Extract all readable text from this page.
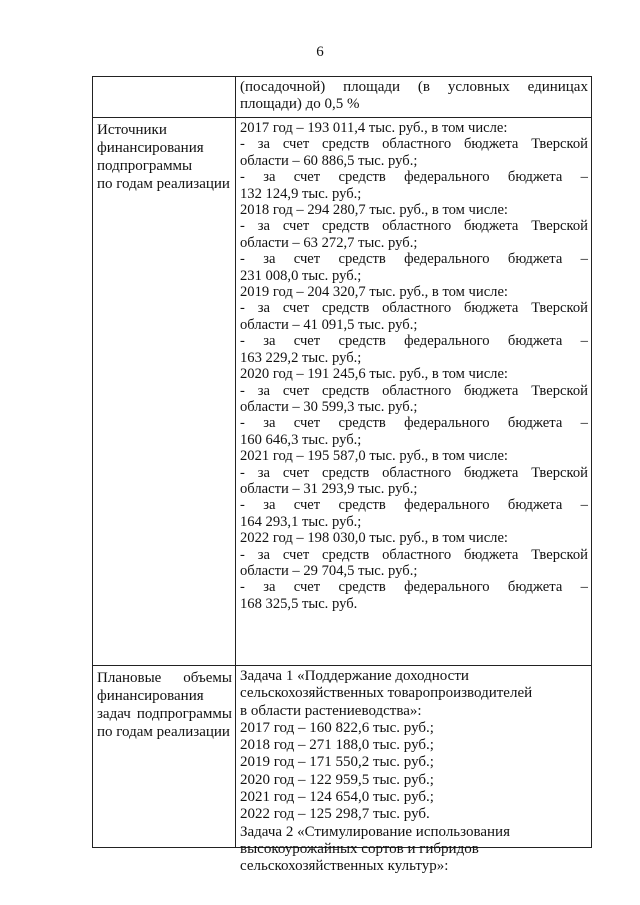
6
(посадочной) площади (в условных единицах
площади) до 0,5 %
Источники
финансирования
подпрограммы
по годам реализации
2017 год – 193 011,4 тыс. руб., в том числе:
- за счет средств областного бюджета Тверской
области – 60 886,5 тыс. руб.;
- за счет средств федерального бюджета –
132 124,9 тыс. руб.;
2018 год – 294 280,7 тыс. руб., в том числе:
- за счет средств областного бюджета Тверской
области – 63 272,7 тыс. руб.;
- за счет средств федерального бюджета –
231 008,0 тыс. руб.;
2019 год – 204 320,7 тыс. руб., в том числе:
- за счет средств областного бюджета Тверской
области – 41 091,5 тыс. руб.;
- за счет средств федерального бюджета –
163 229,2 тыс. руб.;
2020 год – 191 245,6 тыс. руб., в том числе:
- за счет средств областного бюджета Тверской
области – 30 599,3 тыс. руб.;
- за счет средств федерального бюджета –
160 646,3 тыс. руб.;
2021 год – 195 587,0 тыс. руб., в том числе:
- за счет средств областного бюджета Тверской
области – 31 293,9 тыс. руб.;
- за счет средств федерального бюджета –
164 293,1 тыс. руб.;
2022 год – 198 030,0 тыс. руб., в том числе:
- за счет средств областного бюджета Тверской
области – 29 704,5 тыс. руб.;
- за счет средств федерального бюджета –
168 325,5 тыс. руб.
Плановые объемы
финансирования
задач подпрограммы
по годам реализации
Задача 1 «Поддержание доходности
сельскохозяйственных товаропроизводителей
в области растениеводства»:
2017 год – 160 822,6 тыс. руб.;
2018 год – 271 188,0 тыс. руб.;
2019 год – 171 550,2 тыс. руб.;
2020 год – 122 959,5 тыс. руб.;
2021 год – 124 654,0 тыс. руб.;
2022 год – 125 298,7 тыс. руб.
Задача 2 «Стимулирование использования
высокоурожайных сортов и гибридов
сельскохозяйственных культур»:
